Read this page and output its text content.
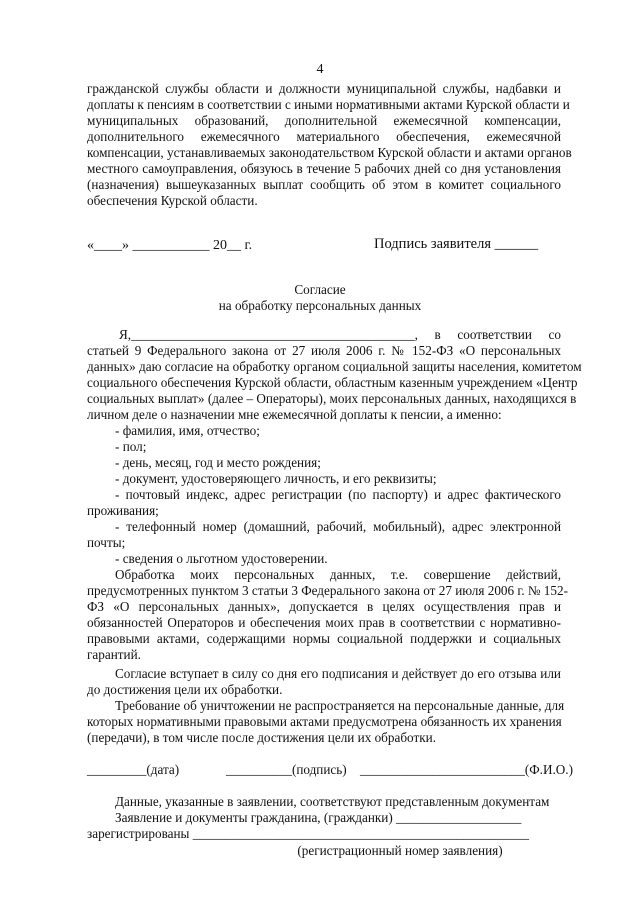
4
гражданской службы области и должности муниципальной службы, надбавки и
доплаты к пенсиям в соответствии с иными нормативными актами Курской области и
муниципальных образований, дополнительной ежемесячной компенсации,
дополнительного ежемесячного материального обеспечения, ежемесячной
компенсации, устанавливаемых законодательством Курской области и актами органов
местного самоуправления, обязуюсь в течение 5 рабочих дней со дня установления
(назначения) вышеуказанных выплат сообщить об этом в комитет социального
обеспечения Курской области.
«____» ___________ 20__ г.	Подпись заявителя ______
Согласие
на обработку персональных данных
Я,___________________________________________, в соответствии со
статьей 9 Федерального закона от 27 июля 2006 г. № 152-ФЗ «О персональных
данных» даю согласие на обработку органом социальной защиты населения, комитетом
социального обеспечения Курской области, областным казенным учреждением «Центр
социальных выплат» (далее – Операторы), моих персональных данных, находящихся в
личном деле о назначении мне ежемесячной доплаты к пенсии, а именно:
- фамилия, имя, отчество;
- пол;
- день, месяц, год и место рождения;
- документ, удостоверяющего личность, и его реквизиты;
- почтовый индекс, адрес регистрации (по паспорту) и адрес фактического
проживания;
- телефонный номер (домашний, рабочий, мобильный), адрес электронной
почты;
- сведения о льготном удостоверении.
Обработка моих персональных данных, т.е. совершение действий,
предусмотренных пунктом 3 статьи 3 Федерального закона от 27 июля 2006 г. № 152-
ФЗ «О персональных данных», допускается в целях осуществления прав и
обязанностей Операторов и обеспечения моих прав в соответствии с нормативно-
правовыми актами, содержащими нормы социальной поддержки и социальных
гарантий.
Согласие вступает в силу со дня его подписания и действует до его отзыва или
до достижения цели их обработки.
Требование об уничтожении не распространяется на персональные данные, для
которых нормативными правовыми актами предусмотрена обязанность их хранения
(передачи), в том числе после достижения цели их обработки.
_________(дата)	__________(подпись) _________________________(Ф.И.О.)
Данные, указанные в заявлении, соответствуют представленным документам
Заявление и документы гражданина, (гражданки) ___________________
зарегистрированы ___________________________________________________
(регистрационный номер заявления)
